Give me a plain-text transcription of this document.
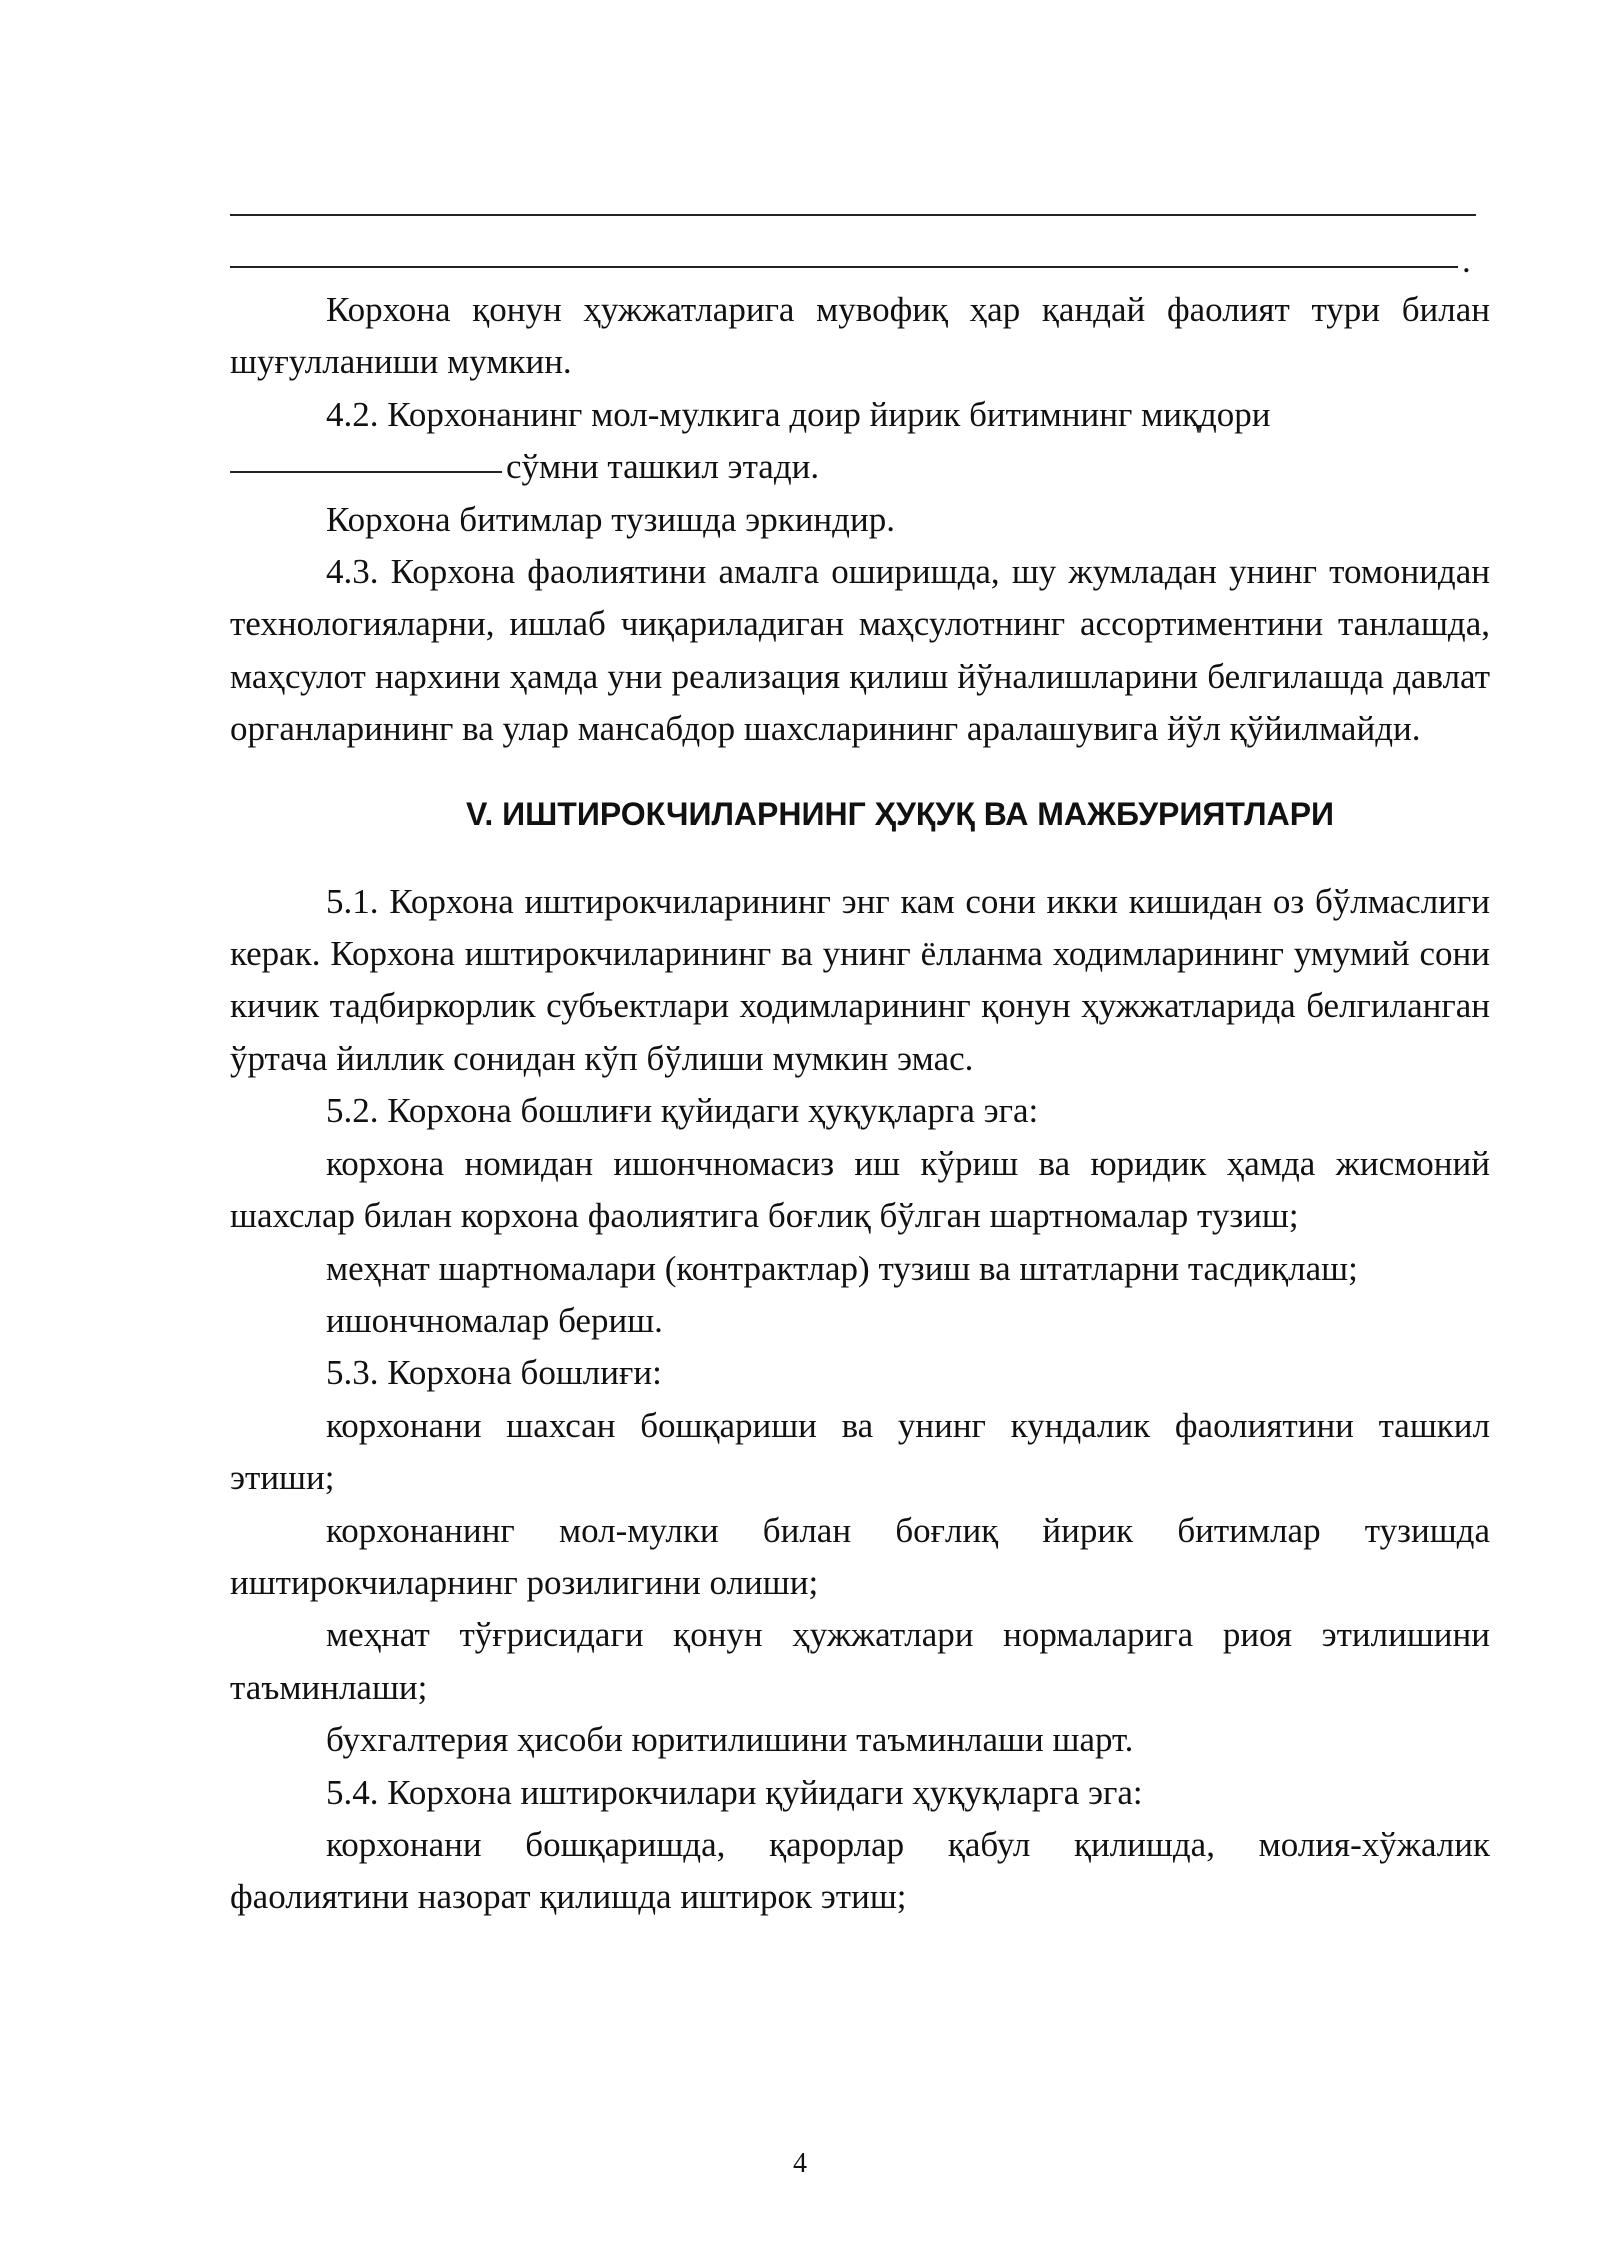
.

Корхона қонун ҳужжатларига мувофиқ ҳар қандай фаолият тури билан шуғулланиши мумкин.

4.2. Корхонанинг мол-мулкига доир йирик битимнинг миқдори

сўмни ташкил этади.

Корхона битимлар тузишда эркиндир.

4.3. Корхона фаолиятини амалга оширишда, шу жумладан унинг томонидан технологияларни, ишлаб чиқариладиган маҳсулотнинг ассортиментини танлашда, маҳсулот нархини ҳамда уни реализация қилиш йўналишларини белгилашда давлат органларининг ва улар мансабдор шахсларининг аралашувига йўл қўйилмайди.

V. ИШТИРОКЧИЛАРНИНГ ҲУҚУҚ ВА МАЖБУРИЯТЛАРИ

5.1. Корхона иштирокчиларининг энг кам сони икки кишидан оз бўлмаслиги керак. Корхона иштирокчиларининг ва унинг ёлланма ходимларининг умумий сони кичик тадбиркорлик субъектлари ходимларининг қонун ҳужжатларида белгиланган ўртача йиллик сонидан кўп бўлиши мумкин эмас.

5.2. Корхона бошлиғи қуйидаги ҳуқуқларга эга:

корхона номидан ишончномасиз иш кўриш ва юридик ҳамда жисмоний шахслар билан корхона фаолиятига боғлиқ бўлган шартномалар тузиш;

меҳнат шартномалари (контрактлар) тузиш ва штатларни тасдиқлаш;

ишончномалар бериш.

5.3. Корхона бошлиғи:

корхонани шахсан бошқариши ва унинг кундалик фаолиятини ташкил этиши;

корхонанинг мол-мулки билан боғлиқ йирик битимлар тузишда иштирокчиларнинг розилигини олиши;

меҳнат тўғрисидаги қонун ҳужжатлари нормаларига риоя этилишини таъминлаши;

бухгалтерия ҳисоби юритилишини таъминлаши шарт.

5.4. Корхона иштирокчилари қуйидаги ҳуқуқларга эга:

корхонани бошқаришда, қарорлар қабул қилишда, молия-хўжалик фаолиятини назорат қилишда иштирок этиш;

4
